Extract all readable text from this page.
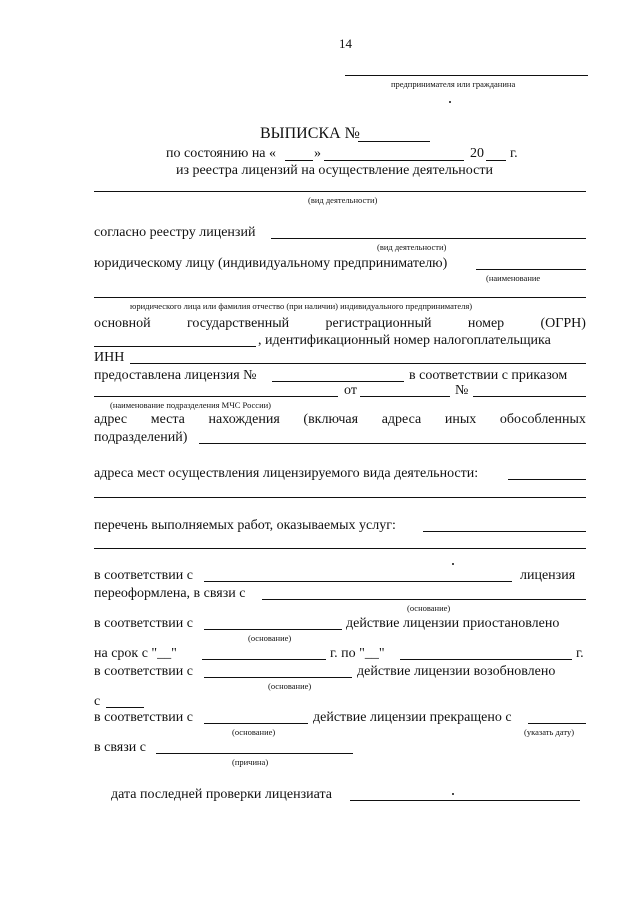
14
предпринимателя или гражданина
ВЫПИСКА №
по состоянию на «	»	20 г.
из реестра лицензий на осуществление деятельности
(вид деятельности)
согласно реестру лицензий
(вид деятельности)
юридическому лицу (индивидуальному предпринимателю)
(наименование
юридического лица или фамилия отчество (при наличии) индивидуального предпринимателя)
основной	государственный	регистрационный	номер	(ОГРН)
, идентификационный номер налогоплательщика
ИНН
предоставлена лицензия №	в соответствии с приказом
от	№
(наименование подразделения МЧС России)
адрес места нахождения (включая адреса иных обособленных
подразделений)
адреса мест осуществления лицензируемого вида деятельности:
перечень выполняемых работ, оказываемых услуг:
в соответствии с	лицензия
переоформлена, в связи с
(основание)
в соответствии с	действие лицензии приостановлено
(основание)
на срок с "__"	г. по "__"	г.
в соответствии с	действие лицензии возобновлено
(основание)
с
в соответствии с	действие лицензии прекращено с
(основание)	(указать дату)
в связи с
(причина)
дата последней проверки лицензиата
